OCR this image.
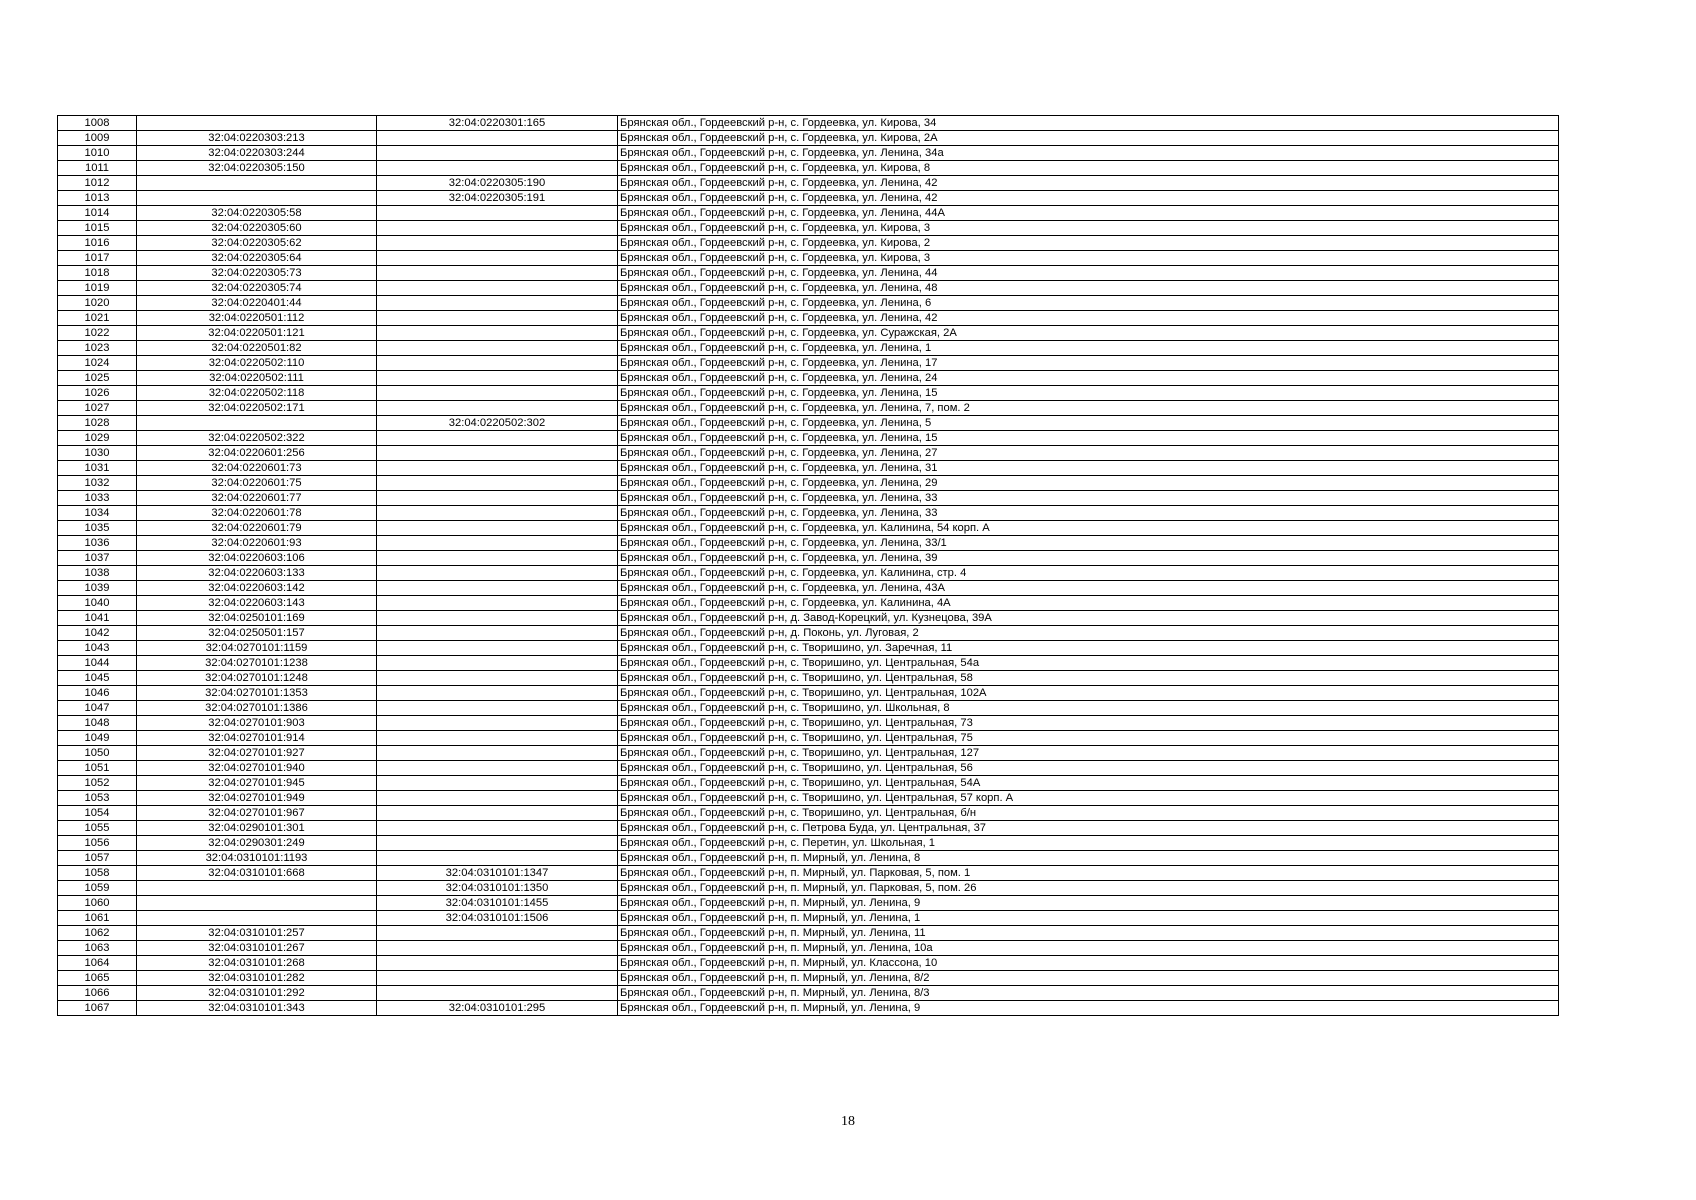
1008		32:04:0220301:165	Брянская обл., Гордеевский р-н, с. Гордеевка, ул. Кирова, 34
1009	32:04:0220303:213		Брянская обл., Гордеевский р-н, с. Гордеевка, ул. Кирова, 2А
1010	32:04:0220303:244		Брянская обл., Гордеевский р-н, с. Гордеевка, ул. Ленина, 34а
1011	32:04:0220305:150		Брянская обл., Гордеевский р-н, с. Гордеевка, ул. Кирова, 8
1012		32:04:0220305:190	Брянская обл., Гордеевский р-н, с. Гордеевка, ул. Ленина, 42
1013		32:04:0220305:191	Брянская обл., Гордеевский р-н, с. Гордеевка, ул. Ленина, 42
1014	32:04:0220305:58		Брянская обл., Гордеевский р-н, с. Гордеевка, ул. Ленина, 44А
1015	32:04:0220305:60		Брянская обл., Гордеевский р-н, с. Гордеевка, ул. Кирова, 3
1016	32:04:0220305:62		Брянская обл., Гордеевский р-н, с. Гордеевка, ул. Кирова, 2
1017	32:04:0220305:64		Брянская обл., Гордеевский р-н, с. Гордеевка, ул. Кирова, 3
1018	32:04:0220305:73		Брянская обл., Гордеевский р-н, с. Гордеевка, ул. Ленина, 44
1019	32:04:0220305:74		Брянская обл., Гордеевский р-н, с. Гордеевка, ул. Ленина, 48
1020	32:04:0220401:44		Брянская обл., Гордеевский р-н, с. Гордеевка, ул. Ленина, 6
1021	32:04:0220501:112		Брянская обл., Гордеевский р-н, с. Гордеевка, ул. Ленина, 42
1022	32:04:0220501:121		Брянская обл., Гордеевский р-н, с. Гордеевка, ул. Суражская, 2А
1023	32:04:0220501:82		Брянская обл., Гордеевский р-н, с. Гордеевка, ул. Ленина, 1
1024	32:04:0220502:110		Брянская обл., Гордеевский р-н, с. Гордеевка, ул. Ленина, 17
1025	32:04:0220502:111		Брянская обл., Гордеевский р-н, с. Гордеевка, ул. Ленина, 24
1026	32:04:0220502:118		Брянская обл., Гордеевский р-н, с. Гордеевка, ул. Ленина, 15
1027	32:04:0220502:171		Брянская обл., Гордеевский р-н, с. Гордеевка, ул. Ленина, 7, пом. 2
1028		32:04:0220502:302	Брянская обл., Гордеевский р-н, с. Гордеевка, ул. Ленина, 5
1029	32:04:0220502:322		Брянская обл., Гордеевский р-н, с. Гордеевка, ул. Ленина, 15
1030	32:04:0220601:256		Брянская обл., Гордеевский р-н, с. Гордеевка, ул. Ленина, 27
1031	32:04:0220601:73		Брянская обл., Гордеевский р-н, с. Гордеевка, ул. Ленина, 31
1032	32:04:0220601:75		Брянская обл., Гордеевский р-н, с. Гордеевка, ул. Ленина, 29
1033	32:04:0220601:77		Брянская обл., Гордеевский р-н, с. Гордеевка, ул. Ленина, 33
1034	32:04:0220601:78		Брянская обл., Гордеевский р-н, с. Гордеевка, ул. Ленина, 33
1035	32:04:0220601:79		Брянская обл., Гордеевский р-н, с. Гордеевка, ул. Калинина, 54 корп. А
1036	32:04:0220601:93		Брянская обл., Гордеевский р-н, с. Гордеевка, ул. Ленина, 33/1
1037	32:04:0220603:106		Брянская обл., Гордеевский р-н, с. Гордеевка, ул. Ленина, 39
1038	32:04:0220603:133		Брянская обл., Гордеевский р-н, с. Гордеевка, ул. Калинина, стр. 4
1039	32:04:0220603:142		Брянская обл., Гордеевский р-н, с. Гордеевка, ул. Ленина, 43А
1040	32:04:0220603:143		Брянская обл., Гордеевский р-н, с. Гордеевка, ул. Калинина, 4А
1041	32:04:0250101:169		Брянская обл., Гордеевский р-н, д. Завод-Корецкий, ул. Кузнецова, 39А
1042	32:04:0250501:157		Брянская обл., Гордеевский р-н, д. Поконь, ул. Луговая, 2
1043	32:04:0270101:1159		Брянская обл., Гордеевский р-н, с. Творишино, ул. Заречная, 11
1044	32:04:0270101:1238		Брянская обл., Гордеевский р-н, с. Творишино, ул. Центральная, 54а
1045	32:04:0270101:1248		Брянская обл., Гордеевский р-н, с. Творишино, ул. Центральная, 58
1046	32:04:0270101:1353		Брянская обл., Гордеевский р-н, с. Творишино, ул. Центральная, 102А
1047	32:04:0270101:1386		Брянская обл., Гордеевский р-н, с. Творишино, ул. Школьная, 8
1048	32:04:0270101:903		Брянская обл., Гордеевский р-н, с. Творишино, ул. Центральная, 73
1049	32:04:0270101:914		Брянская обл., Гордеевский р-н, с. Творишино, ул. Центральная, 75
1050	32:04:0270101:927		Брянская обл., Гордеевский р-н, с. Творишино, ул. Центральная, 127
1051	32:04:0270101:940		Брянская обл., Гордеевский р-н, с. Творишино, ул. Центральная, 56
1052	32:04:0270101:945		Брянская обл., Гордеевский р-н, с. Творишино, ул. Центральная, 54А
1053	32:04:0270101:949		Брянская обл., Гордеевский р-н, с. Творишино, ул. Центральная, 57 корп. А
1054	32:04:0270101:967		Брянская обл., Гордеевский р-н, с. Творишино, ул. Центральная, б/н
1055	32:04:0290101:301		Брянская обл., Гордеевский р-н, с. Петрова Буда, ул. Центральная, 37
1056	32:04:0290301:249		Брянская обл., Гордеевский р-н, с. Перетин, ул. Школьная, 1
1057	32:04:0310101:1193		Брянская обл., Гордеевский р-н, п. Мирный, ул. Ленина, 8
1058	32:04:0310101:668	32:04:0310101:1347	Брянская обл., Гордеевский р-н, п. Мирный, ул. Парковая, 5, пом. 1
1059		32:04:0310101:1350	Брянская обл., Гордеевский р-н, п. Мирный, ул. Парковая, 5, пом. 26
1060		32:04:0310101:1455	Брянская обл., Гордеевский р-н, п. Мирный, ул. Ленина, 9
1061		32:04:0310101:1506	Брянская обл., Гордеевский р-н, п. Мирный, ул. Ленина, 1
1062	32:04:0310101:257		Брянская обл., Гордеевский р-н, п. Мирный, ул. Ленина, 11
1063	32:04:0310101:267		Брянская обл., Гордеевский р-н, п. Мирный, ул. Ленина, 10а
1064	32:04:0310101:268		Брянская обл., Гордеевский р-н, п. Мирный, ул. Классона, 10
1065	32:04:0310101:282		Брянская обл., Гордеевский р-н, п. Мирный, ул. Ленина, 8/2
1066	32:04:0310101:292		Брянская обл., Гордеевский р-н, п. Мирный, ул. Ленина, 8/3
1067	32:04:0310101:343	32:04:0310101:295	Брянская обл., Гордеевский р-н, п. Мирный, ул. Ленина, 9
18
